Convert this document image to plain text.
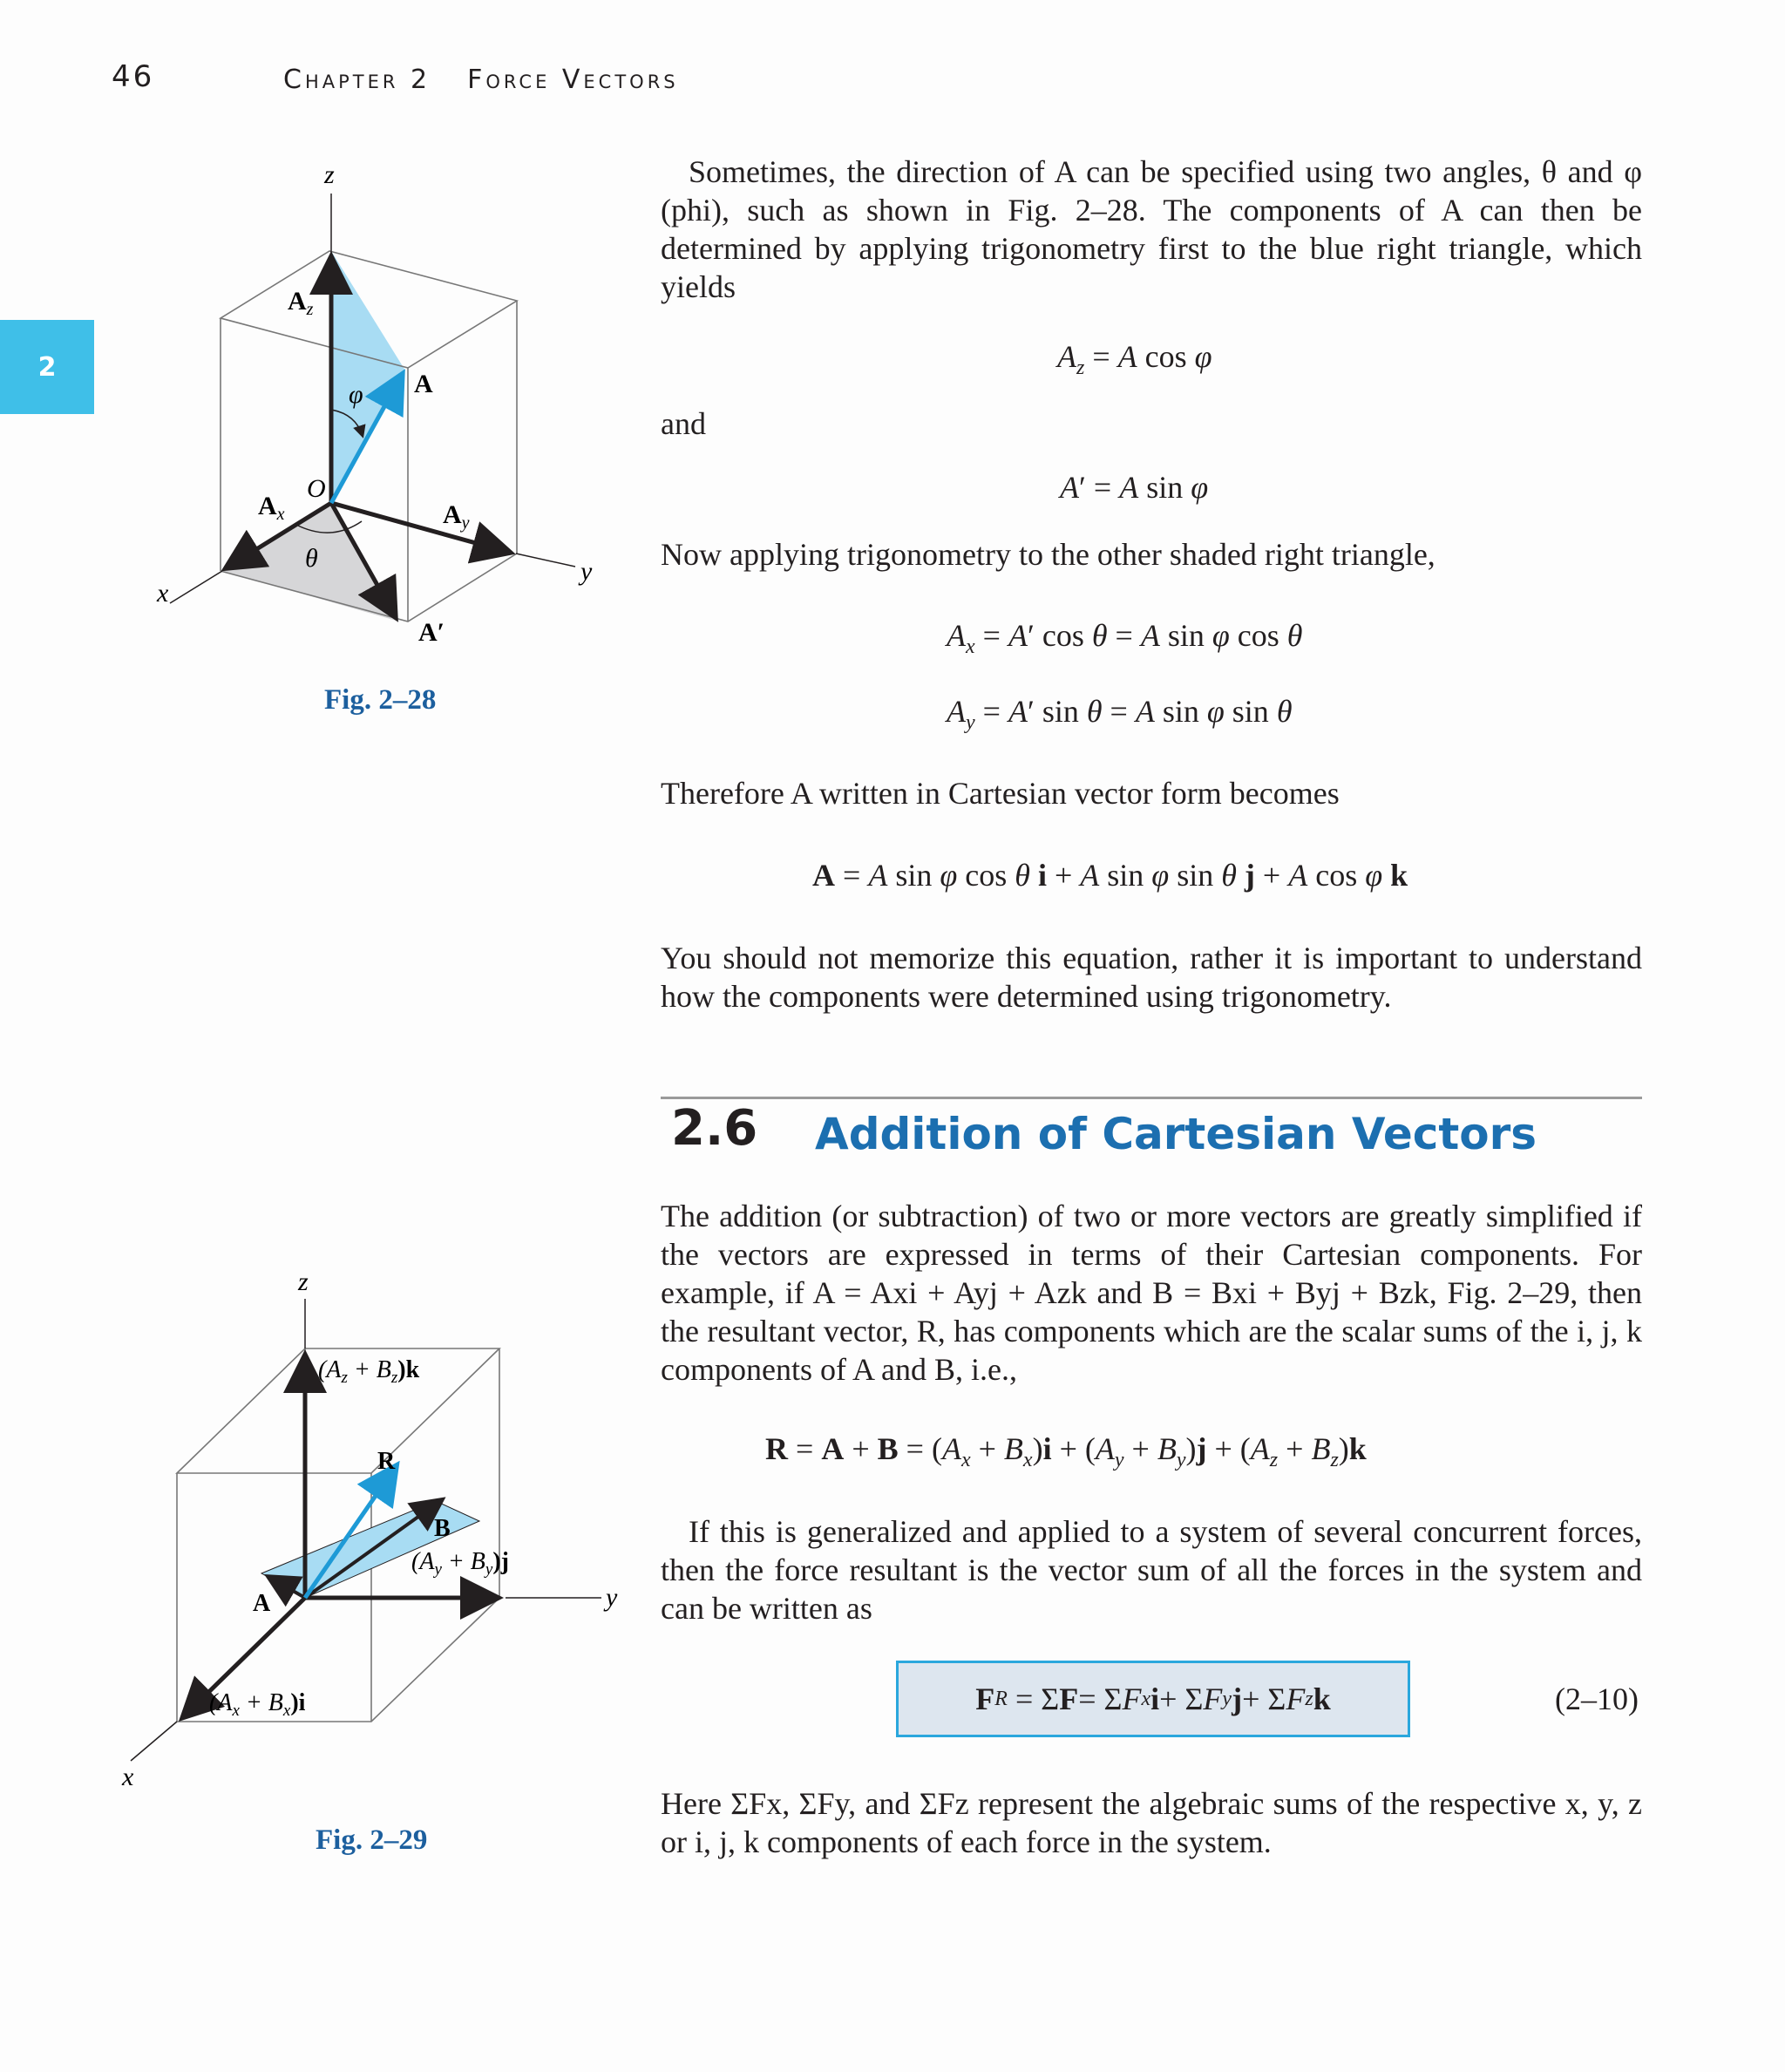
46	Chapter 2 Force Vectors
2
z
x
y
$A_z$
A
φ
O
$A_x$	$A_y$
θ
A′
Fig. 2–28
z
x
y
$(A_z + B_z)k$
R
B
A
$(A_y + B_y)j$
$(A_x + B_x)i$
Fig. 2–29
Sometimes, the direction of A can be specified using two angles, θ and φ (phi), such as shown in Fig. 2–28. The components of A can then be determined by applying trigonometry first to the blue right triangle, which yields
$A_z = A$ cos φ
and
A′ = A sin φ
Now applying trigonometry to the other shaded right triangle,
$A_x = A'$ cos θ = A sin φ cos θ
$A_y = A'$ sin θ = A sin φ sin θ
Therefore A written in Cartesian vector form becomes
A = A sin φ cos θ i + A sin φ sin θ j + A cos φ k
You should not memorize this equation, rather it is important to understand how the components were determined using trigonometry.
2.6 Addition of Cartesian Vectors
The addition (or subtraction) of two or more vectors are greatly simplified if the vectors are expressed in terms of their Cartesian components. For example, if A = Axi + Ayj + Azk and B = Bxi + Byj + Bzk, Fig. 2–29, then the resultant vector, R, has components which are the scalar sums of the i, j, k components of A and B, i.e.,
$R = A + B = (A_x + B_x)i + (A_y + B_y)j + (A_z + B_z)k$
If this is generalized and applied to a system of several concurrent forces, then the force resultant is the vector sum of all the forces in the system and can be written as
F R = Σ F = Σ F x i + Σ F y j + Σ F z k	(2–10)
Here ΣFx, ΣFy, and ΣFz represent the algebraic sums of the respective x, y, z or i, j, k components of each force in the system.
